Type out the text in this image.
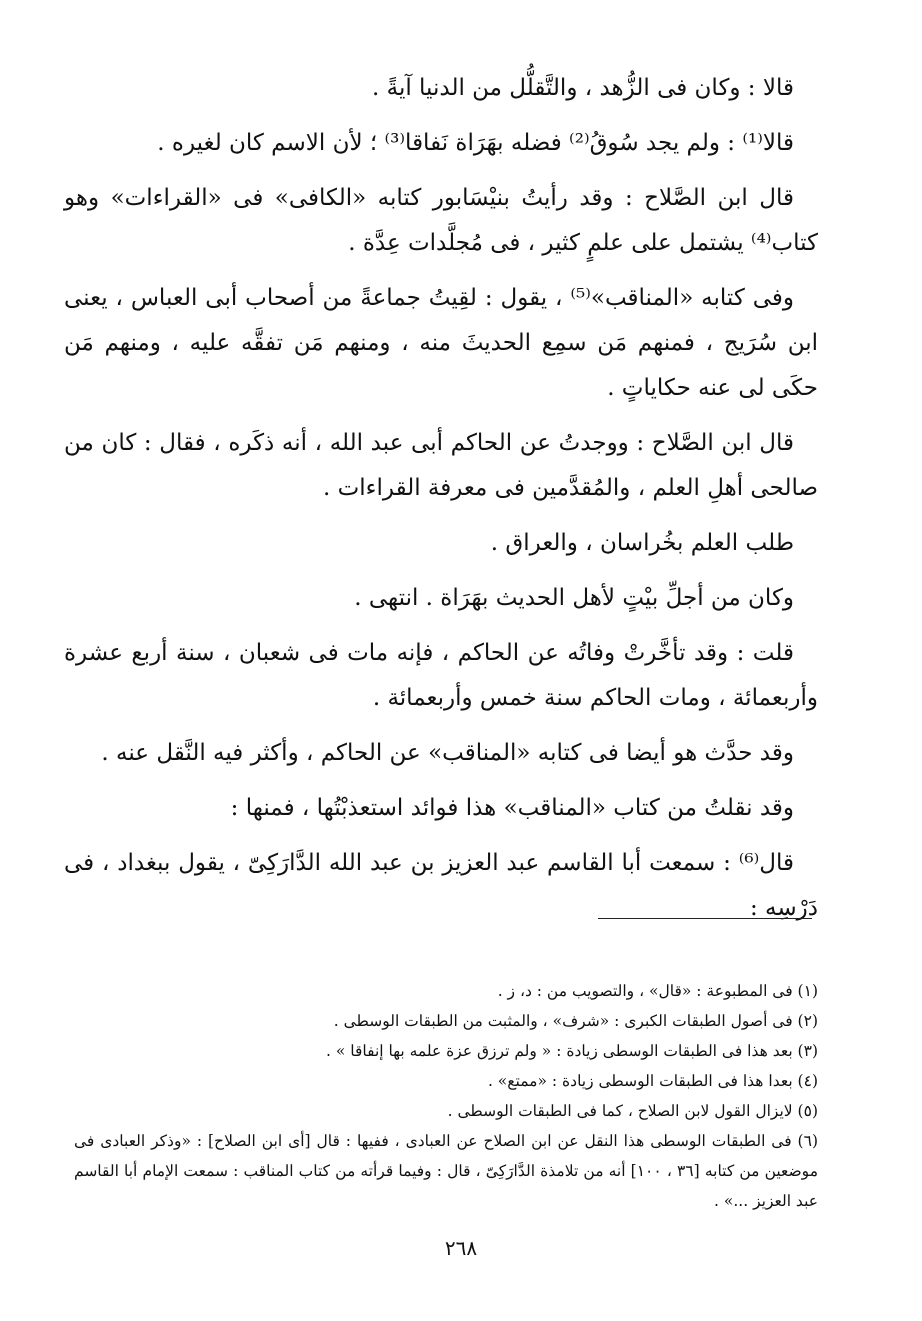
قالا : وكان فى الزُّهد ، والتَّقلُّل من الدنيا آيةً .

قالا⁽¹⁾ : ولم يجد سُوقُ⁽²⁾ فضله بهَرَاة نَفاقا⁽³⁾ ؛ لأن الاسم كان لغيره .

قال ابن الصَّلاح : وقد رأيتُ بنيْسَابور كتابه «الكافى» فى «القراءات» وهو كتاب⁽⁴⁾ يشتمل على علمٍ كثير ، فى مُجلَّدات عِدَّة .

وفى كتابه «المناقب»⁽⁵⁾ ، يقول : لقِيتُ جماعةً من أصحاب أبى العباس ، يعنى ابن سُرَيج ، فمنهم مَن سمِع الحديثَ منه ، ومنهم مَن تفقَّه عليه ، ومنهم مَن حكَى لى عنه حكاياتٍ .

قال ابن الصَّلاح : ووجدتُ عن الحاكم أبى عبد الله ، أنه ذكَره ، فقال : كان من صالحى أهلِ العلم ، والمُقدَّمين فى معرفة القراءات .

طلب العلم بخُراسان ، والعراق .

وكان من أجلِّ بيْتٍ لأهل الحديث بهَرَاة . انتهى .

قلت : وقد تأخَّرتْ وفاتُه عن الحاكم ، فإنه مات فى شعبان ، سنة أربع عشرة وأربعمائة ، ومات الحاكم سنة خمس وأربعمائة .

وقد حدَّث هو أيضا فى كتابه «المناقب» عن الحاكم ، وأكثر فيه النَّقل عنه .

وقد نقلتُ من كتاب «المناقب» هذا فوائد استعذبْتُها ، فمنها :

قال⁽⁶⁾ : سمعت أبا القاسم عبد العزيز بن عبد الله الدَّارَكِىّ ، يقول ببغداد ، فى دَرْسِه :

(١) فى المطبوعة : «قال» ، والتصويب من : د، ز .

(٢) فى أصول الطبقات الكبرى : «شرف» ، والمثبت من الطبقات الوسطى .

(٣) بعد هذا فى الطبقات الوسطى زيادة : « ولم ترزق عزة علمه بها إنفاقا » .

(٤) بعدا هذا فى الطبقات الوسطى زيادة : «ممتع» .

(٥) لايزال القول لابن الصلاح ، كما فى الطبقات الوسطى .

(٦) فى الطبقات الوسطى هذا النقل عن ابن الصلاح عن العبادى ، ففيها : قال [أى ابن الصلاح] : «وذكر العبادى فى موضعين من كتابه [٣٦ ، ١٠٠] أنه من تلامذة الدَّارَكِىّ ، قال : وفيما قرأته من كتاب المناقب : سمعت الإمام أبا القاسم عبد العزيز ...» .

٢٦٨
